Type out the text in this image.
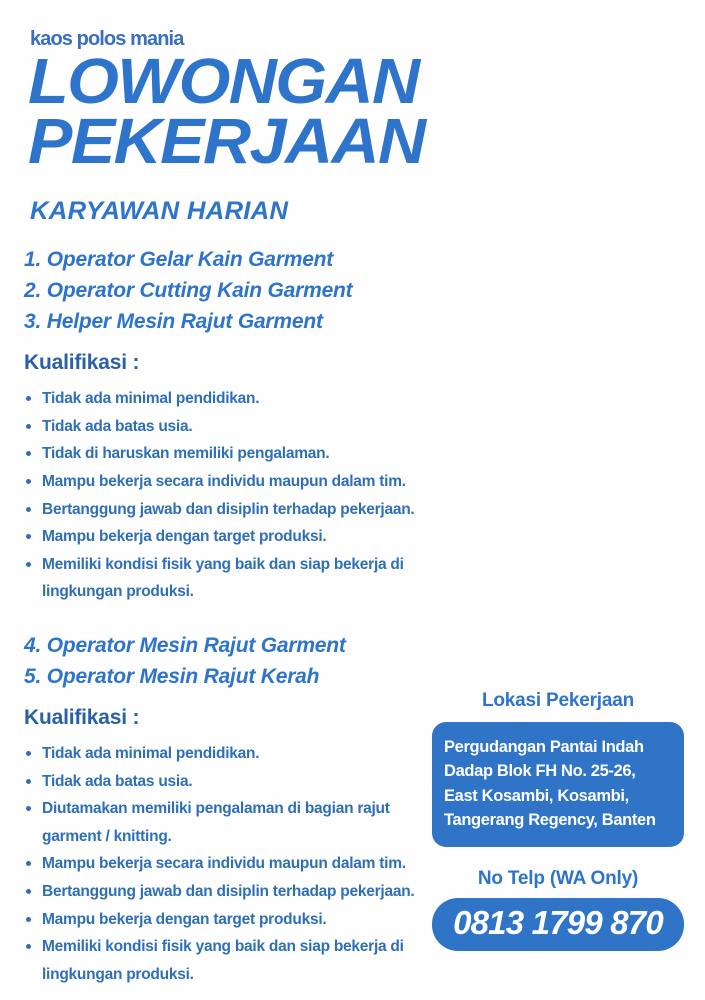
kaos polos mania
LOWONGAN
PEKERJAAN
KARYAWAN HARIAN
1. Operator Gelar Kain Garment
2. Operator Cutting Kain Garment
3. Helper Mesin Rajut Garment
Kualifikasi :
Tidak ada minimal pendidikan.
Tidak ada batas usia.
Tidak di haruskan memiliki pengalaman.
Mampu bekerja secara individu maupun dalam tim.
Bertanggung jawab dan disiplin terhadap pekerjaan.
Mampu bekerja dengan target produksi.
Memiliki kondisi fisik yang baik dan siap bekerja di
lingkungan produksi.
4. Operator Mesin Rajut Garment
5. Operator Mesin Rajut Kerah
Kualifikasi :
Tidak ada minimal pendidikan.
Tidak ada batas usia.
Diutamakan memiliki pengalaman di bagian rajut
garment / knitting.
Mampu bekerja secara individu maupun dalam tim.
Bertanggung jawab dan disiplin terhadap pekerjaan.
Mampu bekerja dengan target produksi.
Memiliki kondisi fisik yang baik dan siap bekerja di
lingkungan produksi.
Lokasi Pekerjaan
Pergudangan Pantai Indah
Dadap Blok FH No. 25-26,
East Kosambi, Kosambi,
Tangerang Regency, Banten
No Telp (WA Only)
0813 1799 870
